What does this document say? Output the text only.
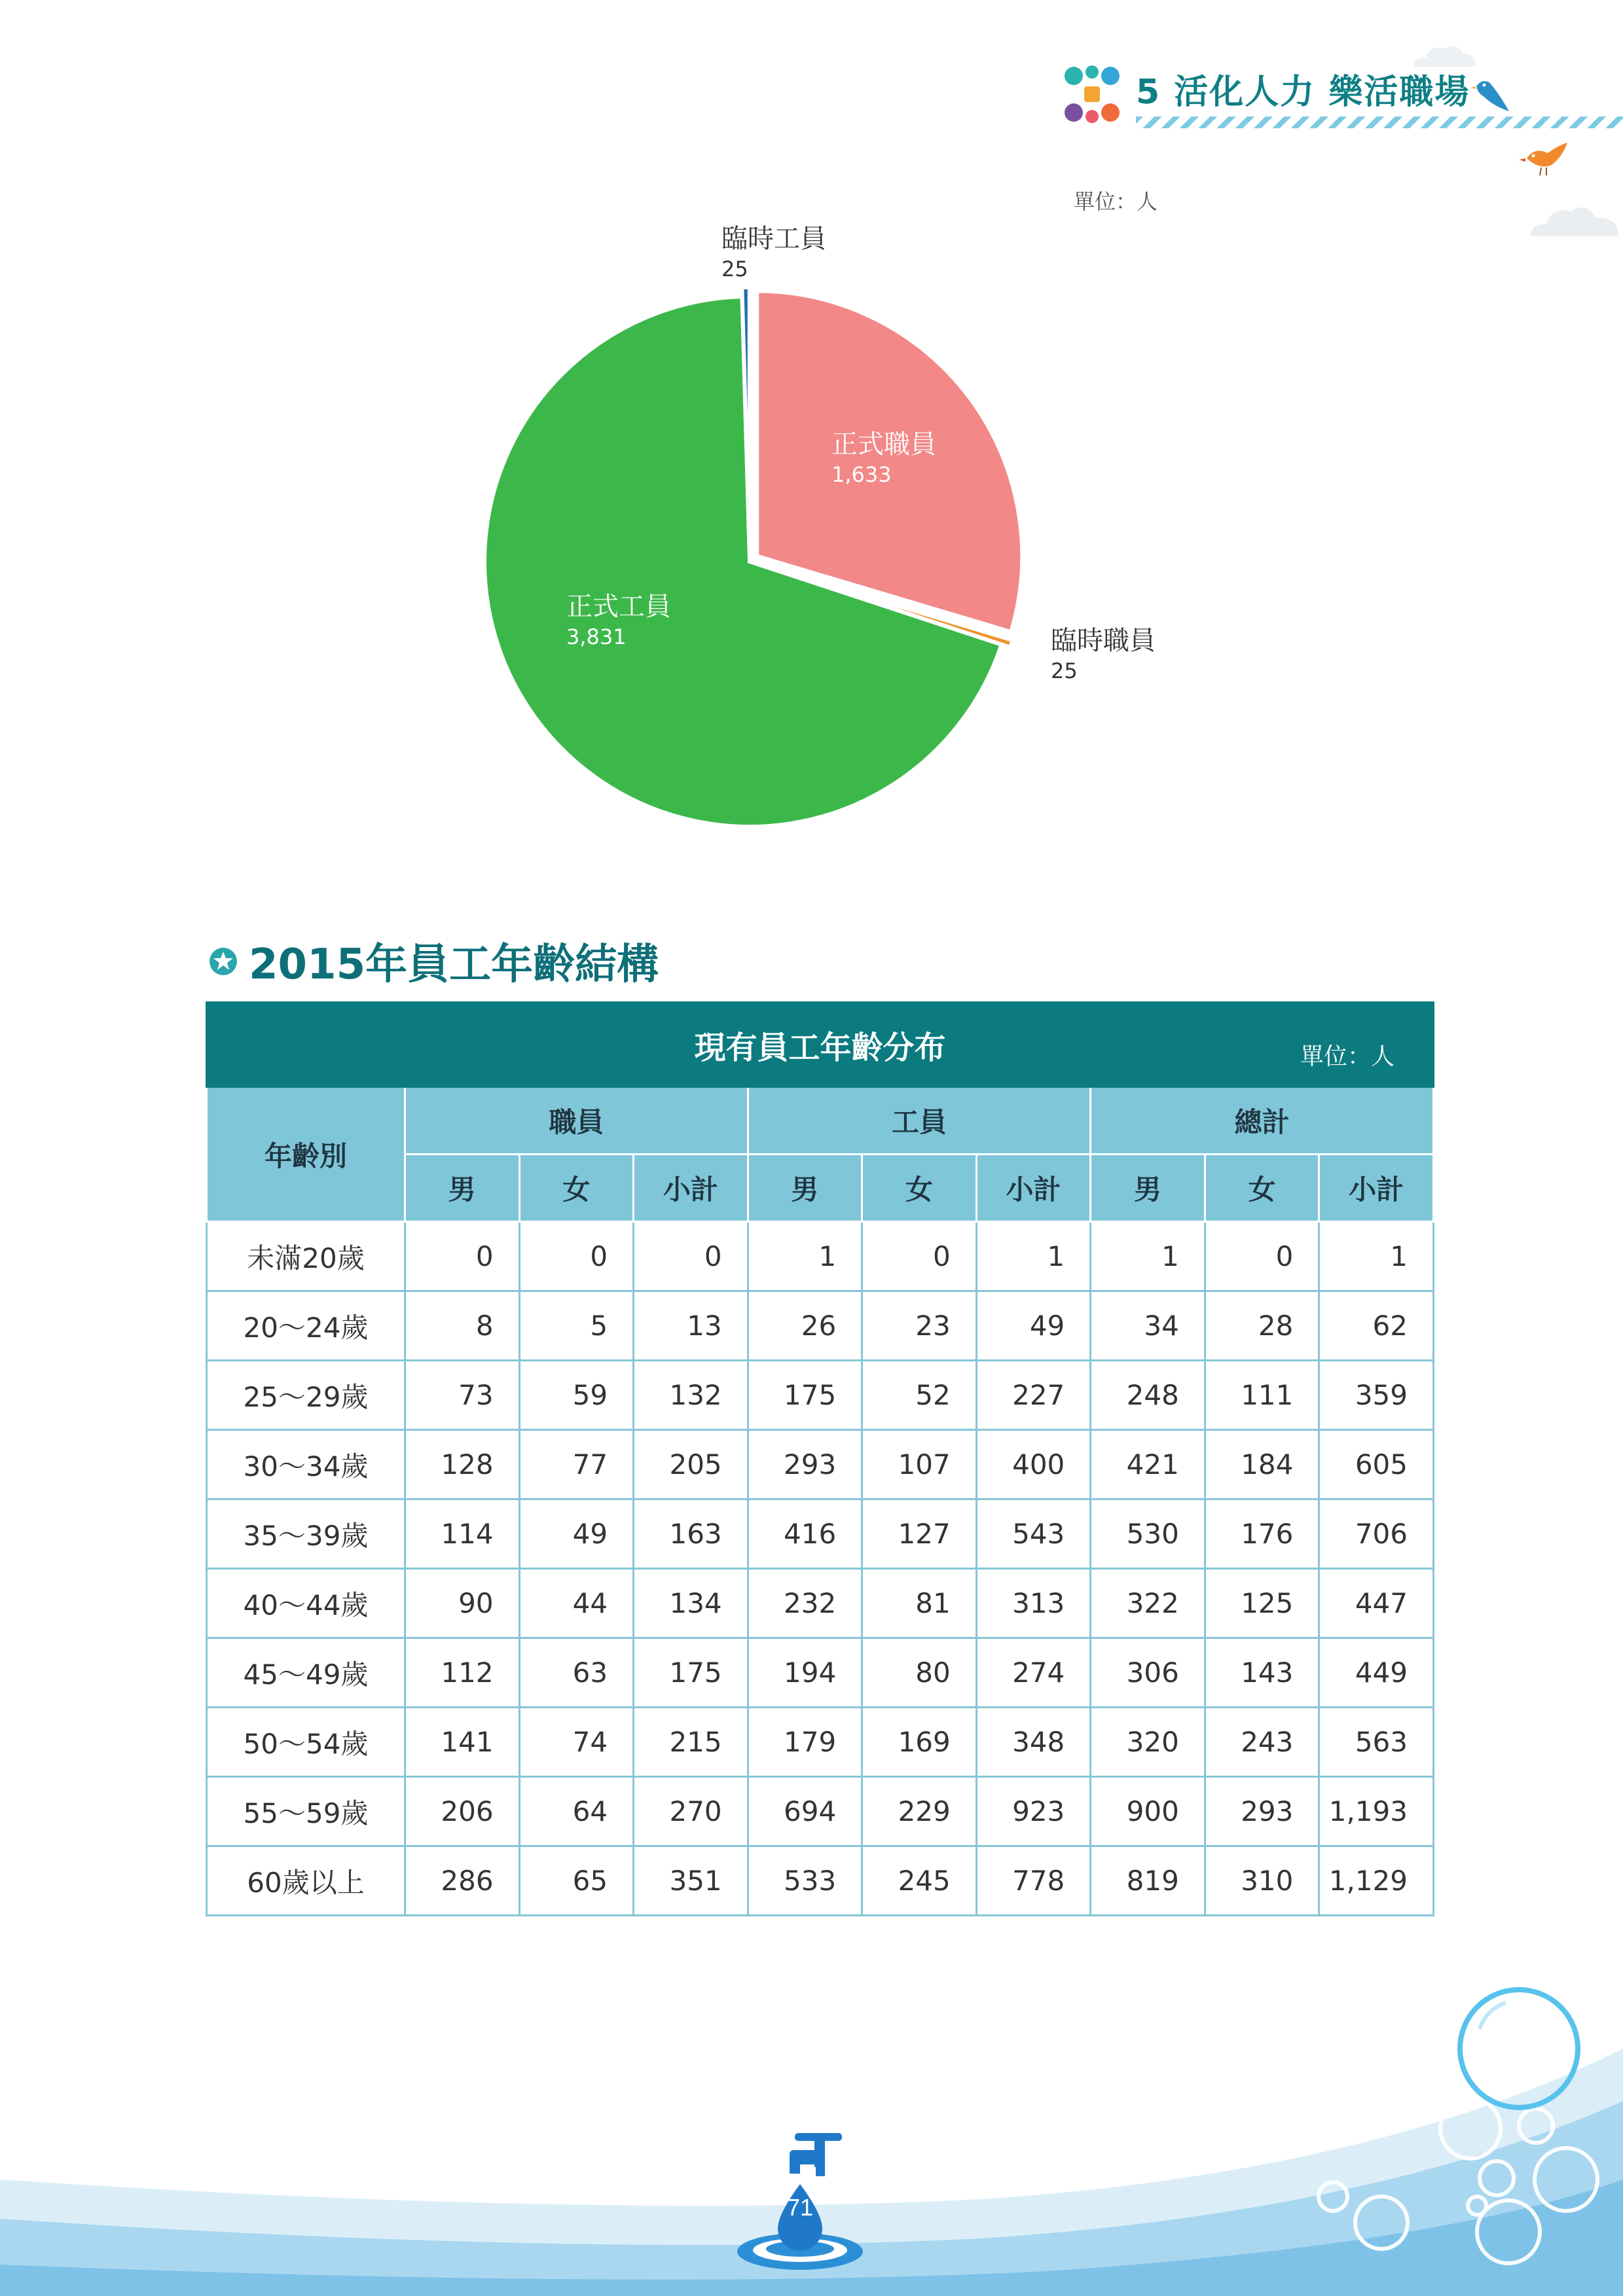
5 活化人力 樂活職場
單位：人
正式職員
1,633
臨時職員
25
正式工員
3,831
臨時工員
25
2015年員工年齡結構
現有員工年齡分布 單位：人									

年齡別	職員			工員			總計		
	男	女	小計	男	女	小計	男	女	小計
未滿20歲	0	0	0	1	0	1	1	0	1
20～24歲	8	5	13	26	23	49	34	28	62
25～29歲	73	59	132	175	52	227	248	111	359
30～34歲	128	77	205	293	107	400	421	184	605
35～39歲	114	49	163	416	127	543	530	176	706
40～44歲	90	44	134	232	81	313	322	125	447
45～49歲	112	63	175	194	80	274	306	143	449
50～54歲	141	74	215	179	169	348	320	243	563
55～59歲	206	64	270	694	229	923	900	293	1,193
60歲以上	286	65	351	533	245	778	819	310	1,129
71
